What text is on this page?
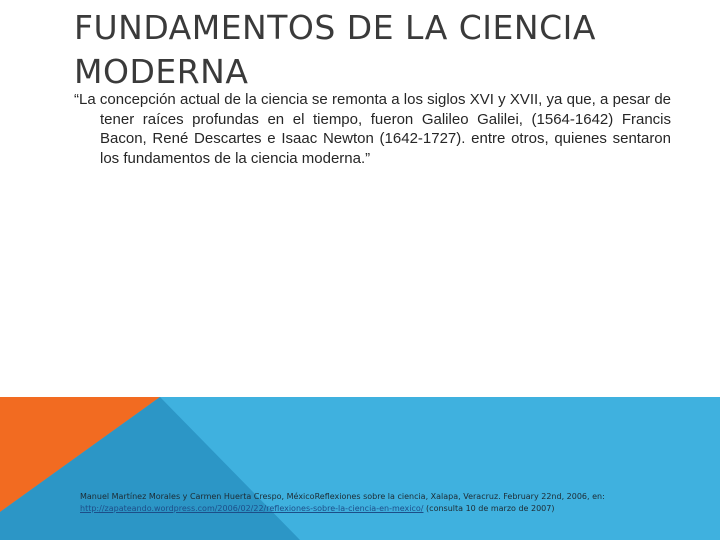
FUNDAMENTOS DE LA CIENCIA MODERNA

“La concepción actual de la ciencia se remonta a los siglos XVI y XVII, ya que, a pesar de tener raíces profundas en el tiempo, fueron Galileo Galilei, (1564-1642) Francis Bacon, René Descartes e Isaac Newton (1642-1727). entre otros, quienes sentaron los fundamentos de la ciencia moderna.”

Manuel Martínez Morales y Carmen Huerta Crespo, MéxicoReflexiones sobre la ciencia, Xalapa, Veracruz. February 22nd, 2006, en: http://zapateando.wordpress.com/2006/02/22/reflexiones-sobre-la-ciencia-en-mexico/ (consulta 10 de marzo de 2007)
